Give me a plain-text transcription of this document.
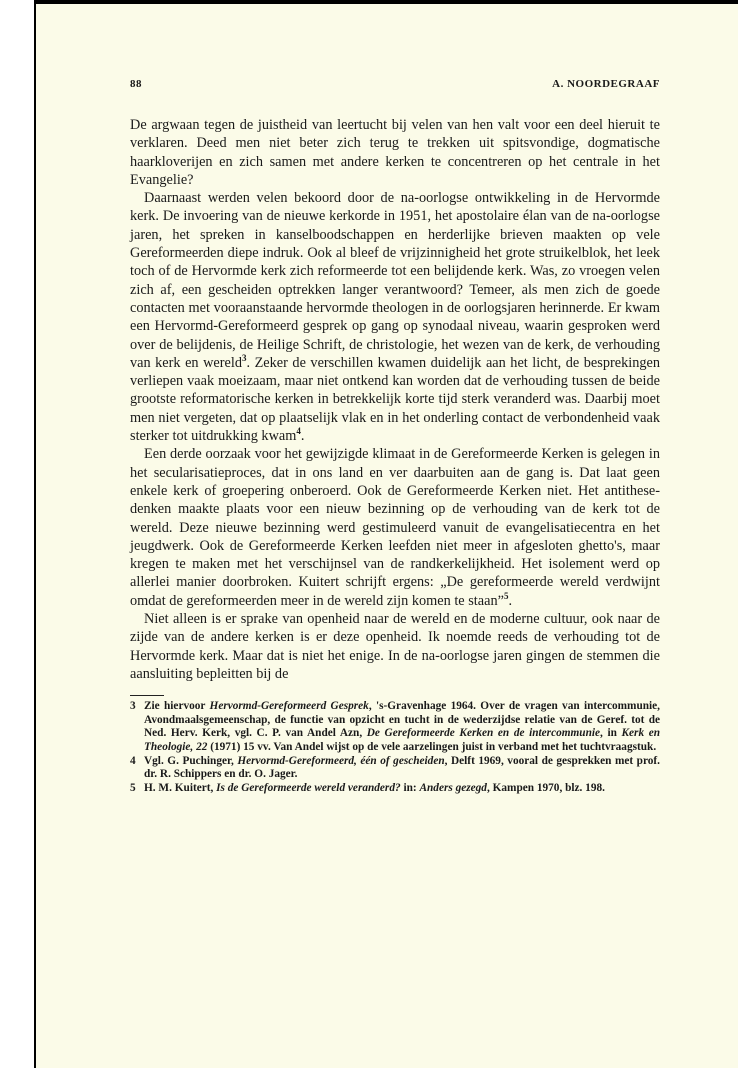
88	A. NOORDEGRAAF

De argwaan tegen de juistheid van leertucht bij velen van hen valt voor een deel hieruit te verklaren. Deed men niet beter zich terug te trekken uit spitsvondige, dogmatische haarkloverijen en zich samen met andere kerken te concentreren op het centrale in het Evangelie?

Daarnaast werden velen bekoord door de na-oorlogse ontwikkeling in de Hervormde kerk. De invoering van de nieuwe kerkorde in 1951, het apostolaire élan van de na-oorlogse jaren, het spreken in kanselboodschappen en herderlijke brieven maakten op vele Gereformeerden diepe indruk. Ook al bleef de vrijzinnigheid het grote struikelblok, het leek toch of de Hervormde kerk zich reformeerde tot een belijdende kerk. Was, zo vroegen velen zich af, een gescheiden optrekken langer verantwoord? Temeer, als men zich de goede contacten met vooraanstaande hervormde theologen in de oorlogsjaren herinnerde. Er kwam een Hervormd-Gereformeerd gesprek op gang op synodaal niveau, waarin gesproken werd over de belijdenis, de Heilige Schrift, de christologie, het wezen van de kerk, de verhouding van kerk en wereld$^3$. Zeker de verschillen kwamen duidelijk aan het licht, de besprekingen verliepen vaak moeizaam, maar niet ontkend kan worden dat de verhouding tussen de beide grootste reformatorische kerken in betrekkelijk korte tijd sterk veranderd was. Daarbij moet men niet vergeten, dat op plaatselijk vlak en in het onderling contact de verbondenheid vaak sterker tot uitdrukking kwam$^4$.

Een derde oorzaak voor het gewijzigde klimaat in de Gereformeerde Kerken is gelegen in het secularisatieproces, dat in ons land en ver daarbuiten aan de gang is. Dat laat geen enkele kerk of groepering onberoerd. Ook de Gereformeerde Kerken niet. Het antithese-denken maakte plaats voor een nieuw bezinning op de verhouding van de kerk tot de wereld. Deze nieuwe bezinning werd gestimuleerd vanuit de evangelisatiecentra en het jeugdwerk. Ook de Gereformeerde Kerken leefden niet meer in afgesloten ghetto's, maar kregen te maken met het verschijnsel van de randkerkelijkheid. Het isolement werd op allerlei manier doorbroken. Kuitert schrijft ergens: „De gereformeerde wereld verdwijnt omdat de gereformeerden meer in de wereld zijn komen te staan”$^5$.

Niet alleen is er sprake van openheid naar de wereld en de moderne cultuur, ook naar de zijde van de andere kerken is er deze openheid. Ik noemde reeds de verhouding tot de Hervormde kerk. Maar dat is niet het enige. In de na-oorlogse jaren gingen de stemmen die aansluiting bepleitten bij de

3 Zie hiervoor Hervormd-Gereformeerd Gesprek, 's-Gravenhage 1964. Over de vragen van intercommunie, Avondmaalsgemeenschap, de functie van opzicht en tucht in de wederzijdse relatie van de Geref. tot de Ned. Herv. Kerk, vgl. C. P. van Andel Azn, De Gereformeerde Kerken en de intercommunie, in Kerk en Theologie, 22 (1971) 15 vv. Van Andel wijst op de vele aarzelingen juist in verband met het tuchtvraagstuk.
4 Vgl. G. Puchinger, Hervormd-Gereformeerd, één of gescheiden, Delft 1969, vooral de gesprekken met prof. dr. R. Schippers en dr. O. Jager.
5 H. M. Kuitert, Is de Gereformeerde wereld veranderd? in: Anders gezegd, Kampen 1970, blz. 198.
